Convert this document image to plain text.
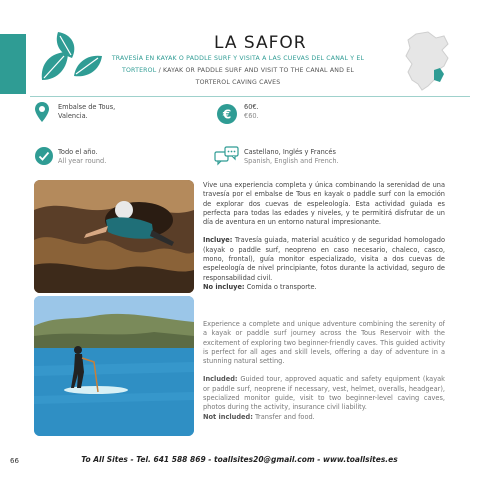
LA SAFOR
TRAVESÍA EN KAYAK O PADDLE SURF Y VISITA A LAS CUEVAS DEL CANAL Y EL TORTEROL / KAYAK OR PADDLE SURF AND VISIT TO THE CANAL AND EL TORTEROL CAVING CAVES
Embalse de Tous,
Valencia.	€
60€.
€60.
Todo el año.
All year round.
Castellano, Inglés y Francés
Spanish, English and French.

Vive una experiencia completa y única combinando la serenidad de una travesía por el embalse de Tous en kayak o paddle surf con la emoción de explorar dos cuevas de espeleología. Esta actividad guiada es perfecta para todas las edades y niveles, y te permitirá disfrutar de un día de aventura en un entorno natural impresionante.

Incluye: Travesía guiada, material acuático y de seguridad homologado (kayak o paddle surf, neopreno en caso necesario, chaleco, casco, mono, frontal), guía monitor especializado, visita a dos cuevas de espeleología de nivel principiante, fotos durante la actividad, seguro de responsabilidad civil.

No incluye: Comida o transporte.

Experience a complete and unique adventure combining the serenity of a kayak or paddle surf journey across the Tous Reservoir with the excitement of exploring two beginner-friendly caves. This guided activity is perfect for all ages and skill levels, offering a day of adventure in a stunning natural setting.

Included: Guided tour, approved aquatic and safety equipment (kayak or paddle surf, neoprene if necessary, vest, helmet, overalls, headgear), specialized monitor guide, visit to two beginner-level caving caves, photos during the activity, insurance civil liability.

Not included: Transfer and food.

66	To All Sites - Tel. 641 588 869 - toallsites20@gmail.com - www.toallsites.es
